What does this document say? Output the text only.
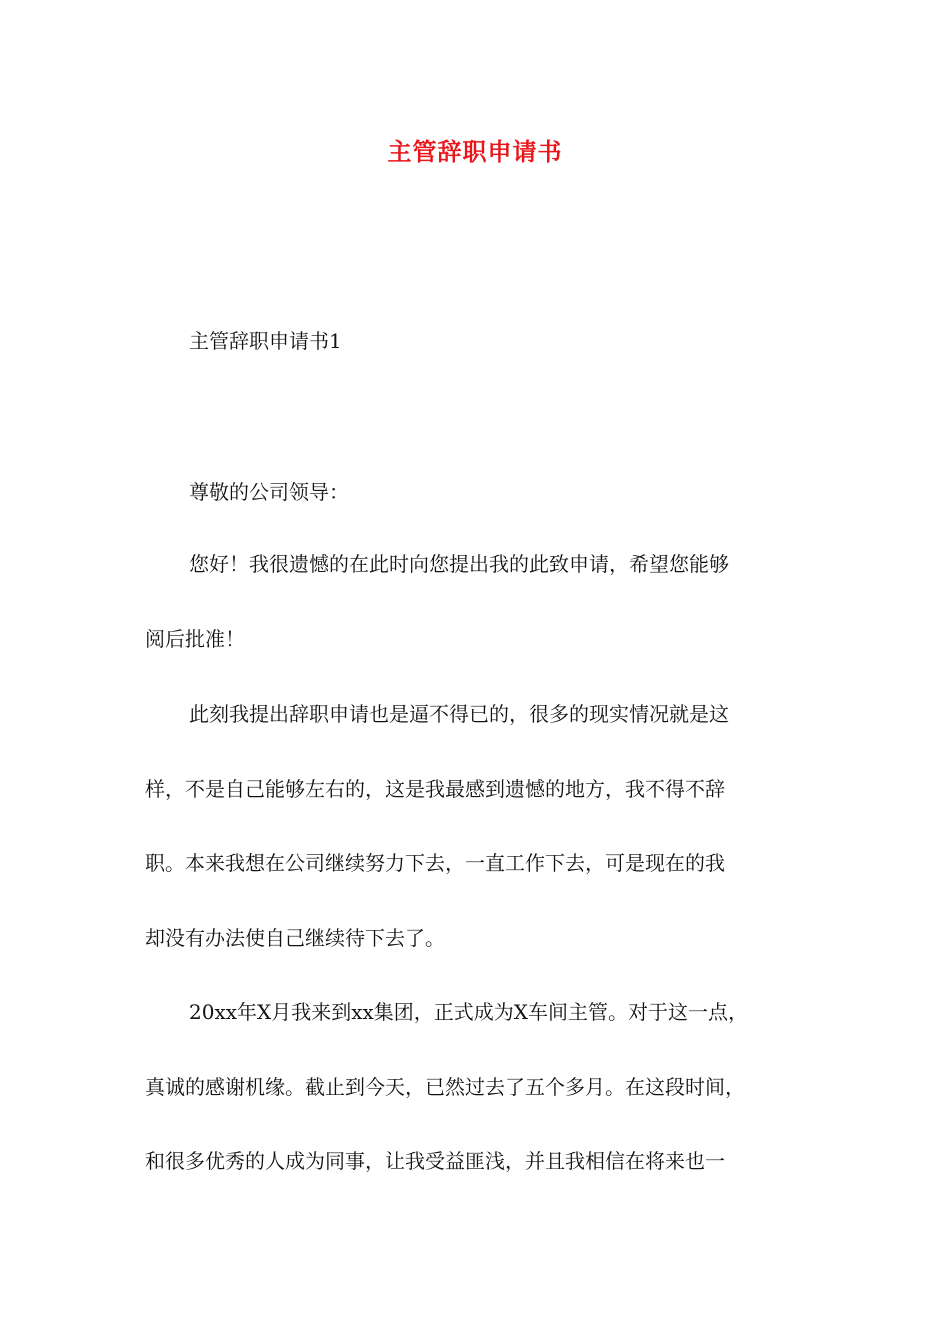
主管辞职申请书
主管辞职申请书1
尊敬的公司领导：
您好！我很遗憾的在此时向您提出我的此致申请，希望您能够
阅后批准！
此刻我提出辞职申请也是逼不得已的，很多的现实情况就是这
样，不是自己能够左右的，这是我最感到遗憾的地方，我不得不辞
职。本来我想在公司继续努力下去，一直工作下去，可是现在的我
却没有办法使自己继续待下去了。
20xx年X月我来到xx集团，正式成为X车间主管。对于这一点，
真诚的感谢机缘。截止到今天，已然过去了五个多月。在这段时间，
和很多优秀的人成为同事，让我受益匪浅，并且我相信在将来也一
